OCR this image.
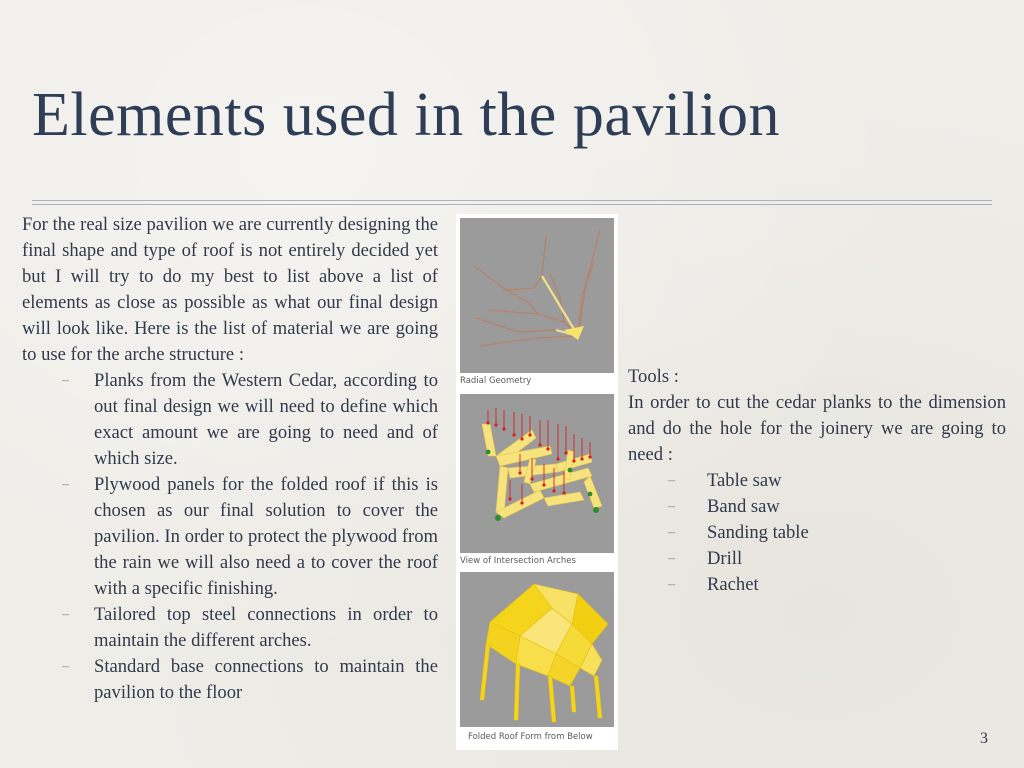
Elements used in the pavilion
For the real size pavilion we are currently designing the final shape and type of roof is not entirely decided yet but I will try to do my best to list above a list of elements as close as possible as what our final design will look like. Here is the list of material we are going to use for the arche structure :
– Planks from the Western Cedar, according to out final design we will need to define which exact amount we are going to need and of which size.
– Plywood panels for the folded roof if this is chosen as our final solution to cover the pavilion. In order to protect the plywood from the rain we will also need a to cover the roof with a specific finishing.
– Tailored top steel connections in order to maintain the different arches.
– Standard base connections to maintain the pavilion to the floor
Radial Geometry
View of Intersection Arches
Folded Roof Form from Below
Tools :
In order to cut the cedar planks to the dimension and do the hole for the joinery we are going to need :
– Table saw
– Band saw
– Sanding table
– Drill
– Rachet
3
